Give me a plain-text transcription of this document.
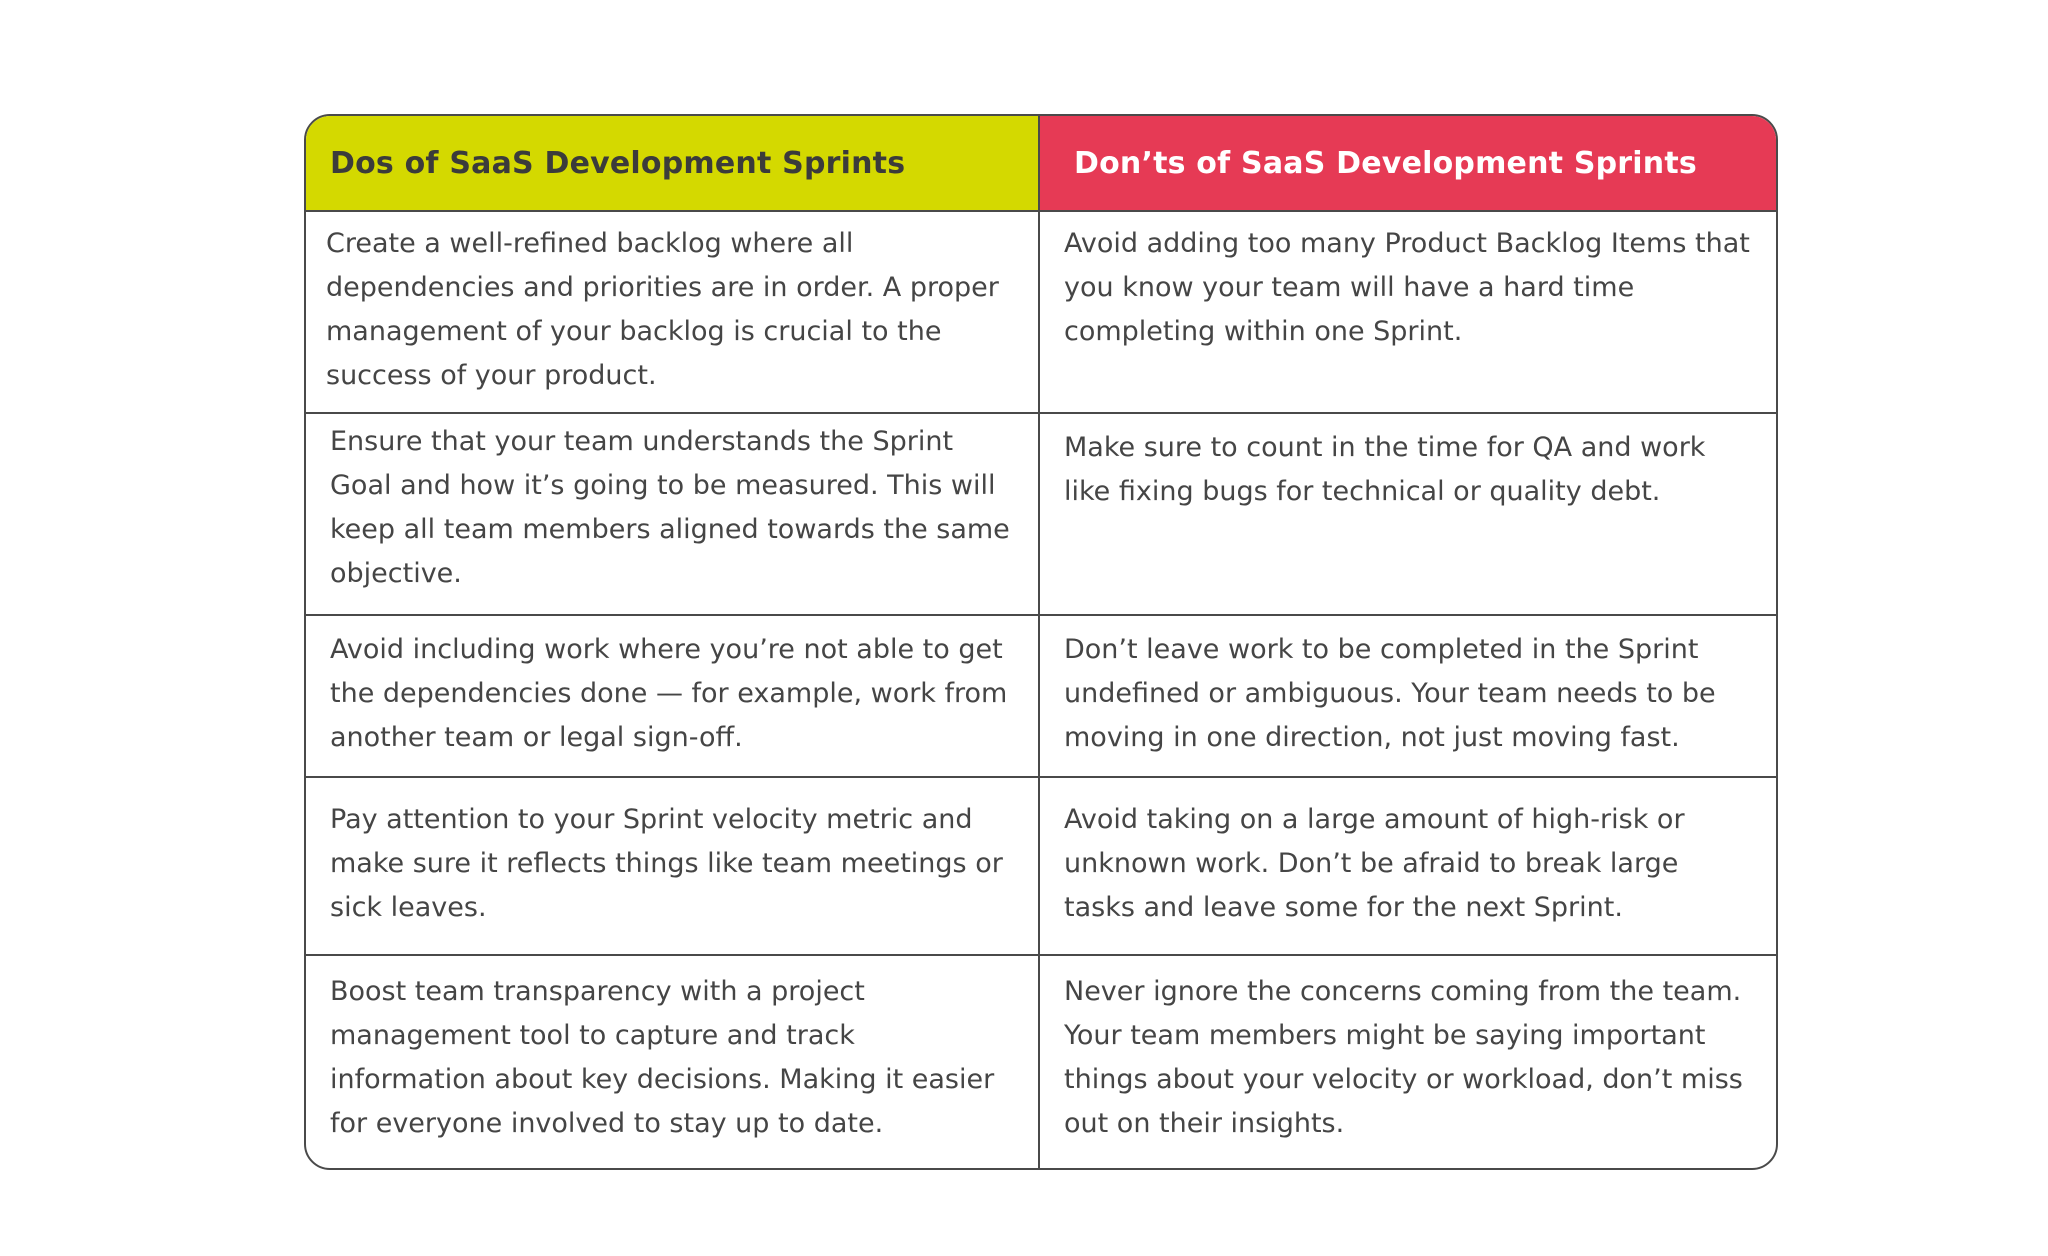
Dos of SaaS Development Sprints	Don’ts of SaaS Development Sprints
Create a well-refined backlog where all dependencies and priorities are in order. A proper management of your backlog is crucial to the success of your product.
Avoid adding too many Product Backlog Items that you know your team will have a hard time completing within one Sprint.
Ensure that your team understands the Sprint Goal and how it’s going to be measured. This will keep all team members aligned towards the same objective.
Make sure to count in the time for QA and work like fixing bugs for technical or quality debt.
Avoid including work where you’re not able to get the dependencies done — for example, work from another team or legal sign-off.
Don’t leave work to be completed in the Sprint undefined or ambiguous. Your team needs to be moving in one direction, not just moving fast.
Pay attention to your Sprint velocity metric and make sure it reflects things like team meetings or sick leaves.
Avoid taking on a large amount of high-risk or unknown work. Don’t be afraid to break large tasks and leave some for the next Sprint.
Boost team transparency with a project management tool to capture and track information about key decisions. Making it easier for everyone involved to stay up to date.
Never ignore the concerns coming from the team. Your team members might be saying important things about your velocity or workload, don’t miss out on their insights.
